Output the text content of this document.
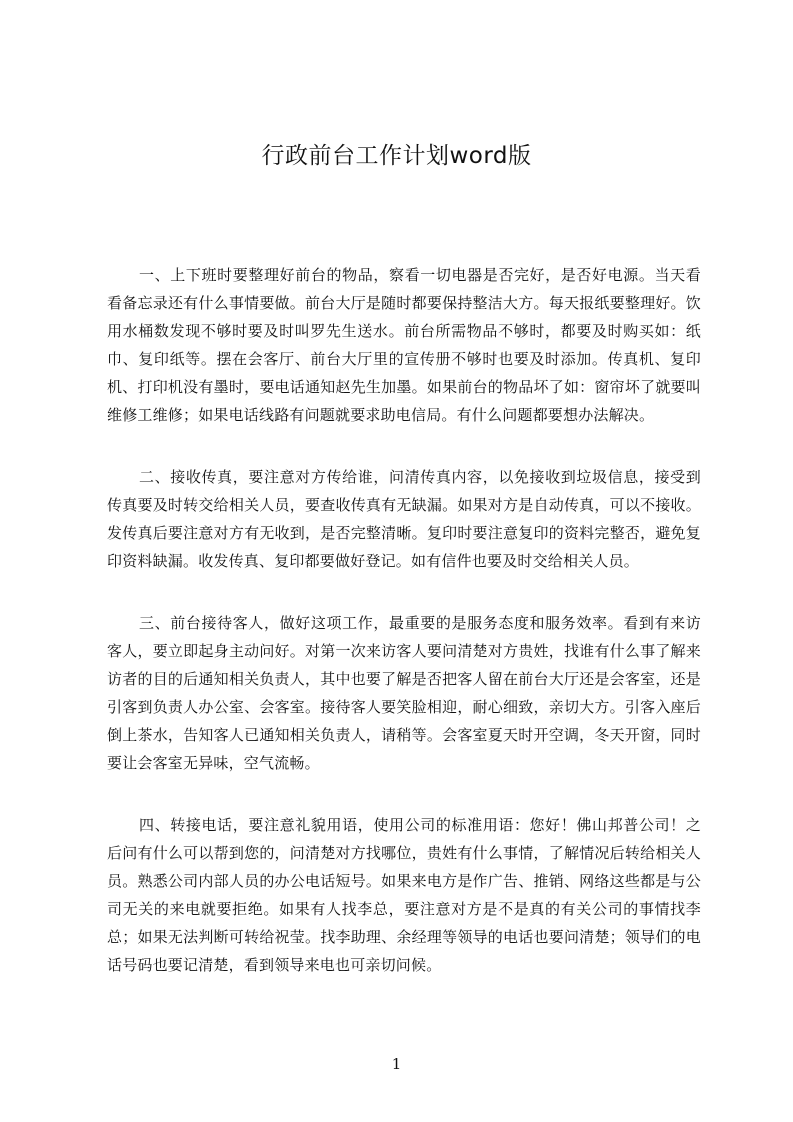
行政前台工作计划word版

一、上下班时要整理好前台的物品，察看一切电器是否完好，是否好电源。当天看看备忘录还有什么事情要做。前台大厅是随时都要保持整洁大方。每天报纸要整理好。饮用水桶数发现不够时要及时叫罗先生送水。前台所需物品不够时，都要及时购买如：纸巾、复印纸等。摆在会客厅、前台大厅里的宣传册不够时也要及时添加。传真机、复印机、打印机没有墨时，要电话通知赵先生加墨。如果前台的物品坏了如：窗帘坏了就要叫维修工维修；如果电话线路有问题就要求助电信局。有什么问题都要想办法解决。

二、接收传真，要注意对方传给谁，问清传真内容，以免接收到垃圾信息，接受到传真要及时转交给相关人员，要查收传真有无缺漏。如果对方是自动传真，可以不接收。发传真后要注意对方有无收到，是否完整清晰。复印时要注意复印的资料完整否，避免复印资料缺漏。收发传真、复印都要做好登记。如有信件也要及时交给相关人员。

三、前台接待客人，做好这项工作，最重要的是服务态度和服务效率。看到有来访客人，要立即起身主动问好。对第一次来访客人要问清楚对方贵姓，找谁有什么事了解来访者的目的后通知相关负责人，其中也要了解是否把客人留在前台大厅还是会客室，还是引客到负责人办公室、会客室。接待客人要笑脸相迎，耐心细致，亲切大方。引客入座后倒上茶水，告知客人已通知相关负责人，请稍等。会客室夏天时开空调，冬天开窗，同时要让会客室无异味，空气流畅。

四、转接电话，要注意礼貌用语，使用公司的标准用语：您好！佛山邦普公司！之后问有什么可以帮到您的，问清楚对方找哪位，贵姓有什么事情，了解情况后转给相关人员。熟悉公司内部人员的办公电话短号。如果来电方是作广告、推销、网络这些都是与公司无关的来电就要拒绝。如果有人找李总，要注意对方是不是真的有关公司的事情找李总；如果无法判断可转给祝莹。找李助理、余经理等领导的电话也要问清楚；领导们的电话号码也要记清楚，看到领导来电也可亲切问候。

1
